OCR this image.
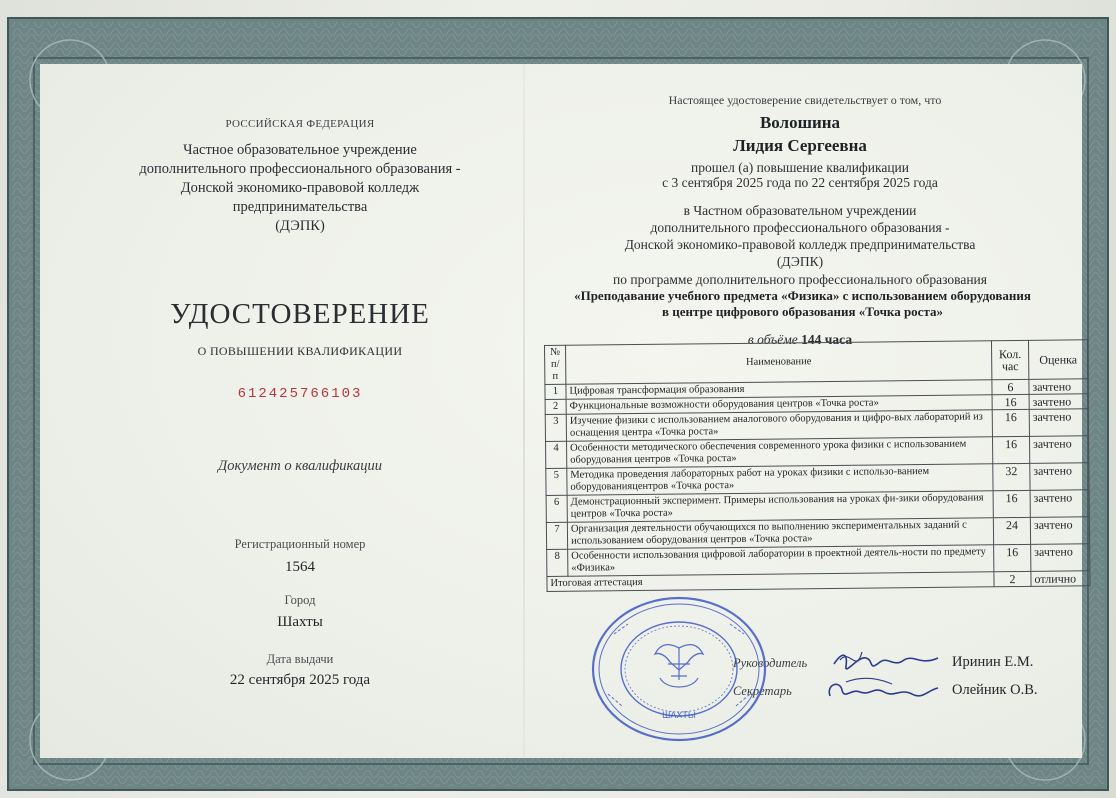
РОССИЙСКАЯ ФЕДЕРАЦИЯ
Частное образовательное учреждение
дополнительного профессионального образования -
Донской экономико-правовой колледж
предпринимательства
(ДЭПК)
УДОСТОВЕРЕНИЕ
О ПОВЫШЕНИИ КВАЛИФИКАЦИИ
612425766103
Документ о квалификации
Регистрационный номер
1564
Город
Шахты
Дата выдачи
22 сентября 2025 года
Настоящее удостоверение свидетельствует о том, что
Волошина
Лидия Сергеевна
прошел (а) повышение квалификации
с 3 сентября 2025 года по 22 сентября 2025 года
в Частном образовательном учреждении
дополнительного профессионального образования -
Донской экономико-правовой колледж предпринимательства
(ДЭПК)
по программе дополнительного профессионального образования
«Преподавание учебного предмета «Физика» с использованием оборудования
в центре цифрового образования «Точка роста»
в объёме 144 часа
№ п/п	Наименование	Кол. час	Оценка
1	Цифровая трансформация образования	6	зачтено
2	Функциональные возможности оборудования центров «Точка роста»	16	зачтено
3	Изучение физики с использованием аналогового оборудования и цифро-вых лабораторий из оснащения центра «Точка роста»	16	зачтено
4	Особенности методического обеспечения современного урока физики с использованием оборудования центров «Точка роста»	16	зачтено
5	Методика проведения лабораторных работ на уроках физики с использо-ванием оборудованияцентров «Точка роста»	32	зачтено
6	Демонстрационный эксперимент. Примеры использования на уроках фи-зики оборудования центров «Точка роста»	16	зачтено
7	Организация деятельности обучающихся по выполнению экспериментальных заданий с использованием оборудования центров «Точка роста»	24	зачтено
8	Особенности использования цифровой лаборатории в проектной деятель-ности по предмету «Физика»	16	зачтено
Итоговая аттестация		2	отлично
Руководитель	Иринин Е.М.
Секретарь	Олейник О.В.
ШАХТЫ
